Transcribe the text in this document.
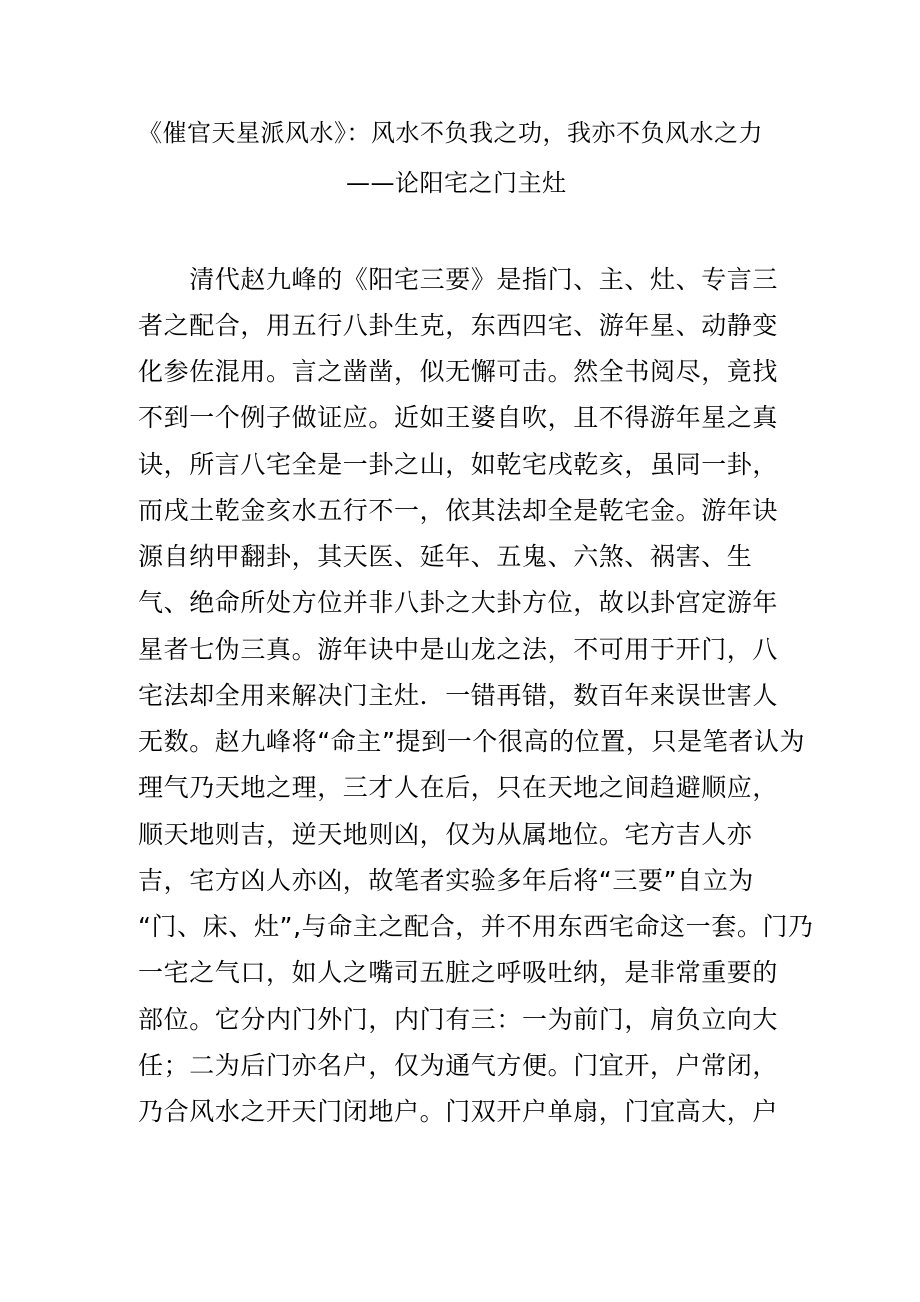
《催官天星派风水》：风水不负我之功，我亦不负风水之力
——论阳宅之门主灶
　　清代赵九峰的《阳宅三要》是指门、主、灶、专言三
者之配合，用五行八卦生克，东西四宅、游年星、动静变
化参佐混用。言之凿凿，似无懈可击。然全书阅尽，竟找
不到一个例子做证应。近如王婆自吹，且不得游年星之真
诀，所言八宅全是一卦之山，如乾宅戌乾亥，虽同一卦，
而戌土乾金亥水五行不一，依其法却全是乾宅金。游年诀
源自纳甲翻卦，其天医、延年、五鬼、六煞、祸害、生
气、绝命所处方位并非八卦之大卦方位，故以卦宫定游年
星者七伪三真。游年诀中是山龙之法，不可用于开门，八
宅法却全用来解决门主灶．一错再错，数百年来误世害人
无数。赵九峰将“命主”提到一个很高的位置，只是笔者认为
理气乃天地之理，三才人在后，只在天地之间趋避顺应，
顺天地则吉，逆天地则凶，仅为从属地位。宅方吉人亦
吉，宅方凶人亦凶，故笔者实验多年后将“三要”自立为
“门、床、灶”,与命主之配合，并不用东西宅命这一套。门乃
一宅之气口，如人之嘴司五脏之呼吸吐纳，是非常重要的
部位。它分内门外门，内门有三：一为前门，肩负立向大
任；二为后门亦名户，仅为通气方便。门宜开，户常闭，
乃合风水之开天门闭地户。门双开户单扇，门宜高大，户
